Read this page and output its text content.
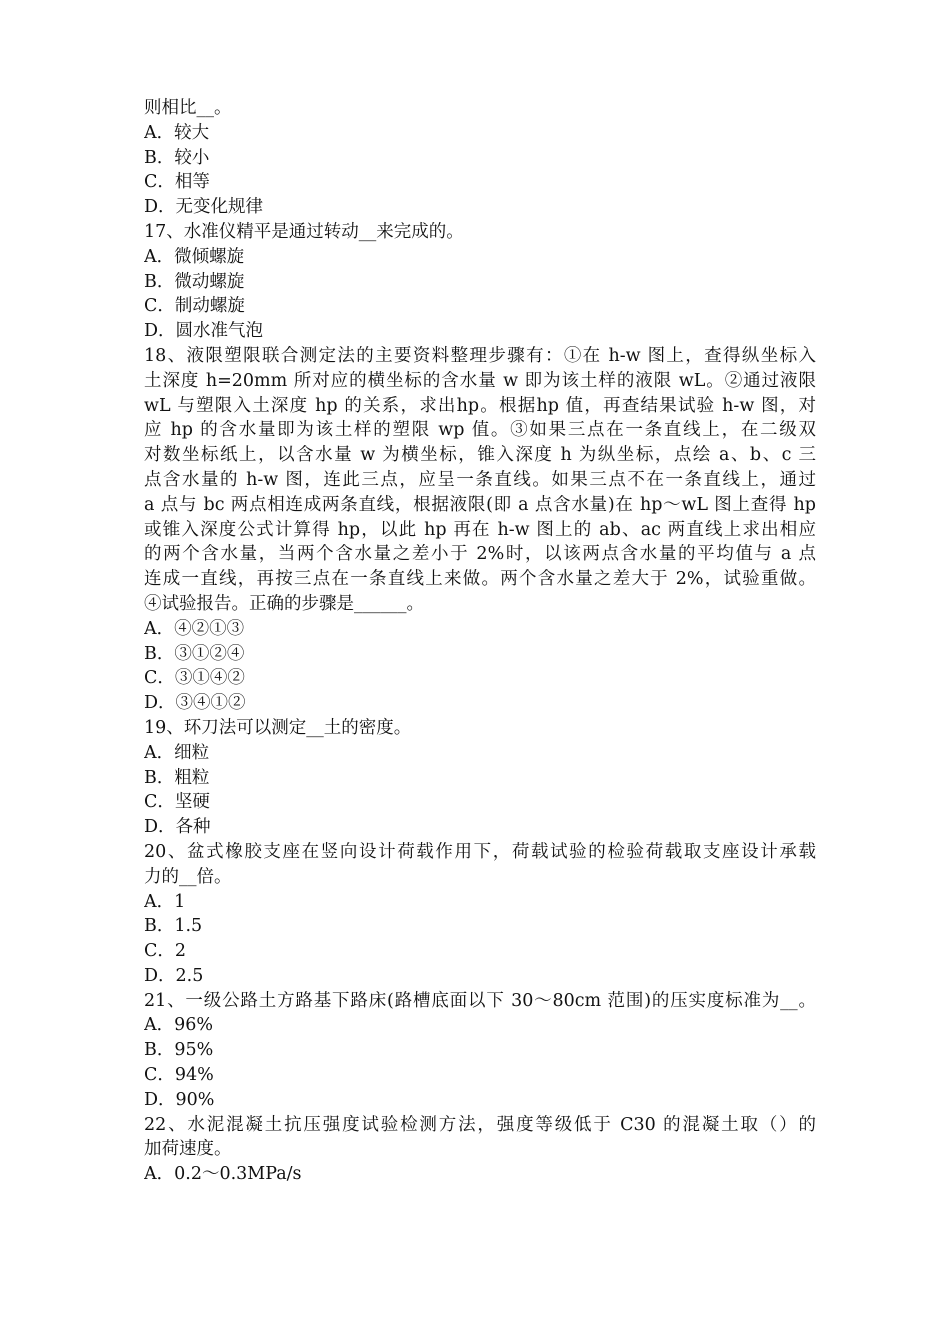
则相比__。
A．较大
B．较小
C．相等
D．无变化规律
17、水准仪精平是通过转动__来完成的。
A．微倾螺旋
B．微动螺旋
C．制动螺旋
D．圆水准气泡
18、液限塑限联合测定法的主要资料整理步骤有：①在 h-w 图上，查得纵坐标入
土深度 h=20mm 所对应的横坐标的含水量 w 即为该土样的液限 wL。②通过液限
wL 与塑限入土深度 hp 的关系，求出hp。根据hp 值，再查结果试验 h-w 图，对
应 hp 的含水量即为该土样的塑限 wp 值。③如果三点在一条直线上，在二级双
对数坐标纸上，以含水量 w 为横坐标，锥入深度 h 为纵坐标，点绘 a、b、c 三
点含水量的 h-w 图，连此三点，应呈一条直线。如果三点不在一条直线上，通过
a 点与 bc 两点相连成两条直线，根据液限(即 a 点含水量)在 hp～wL 图上查得 hp
或锥入深度公式计算得 hp，以此 hp 再在 h-w 图上的 ab、ac 两直线上求出相应
的两个含水量，当两个含水量之差小于 2%时，以该两点含水量的平均值与 a 点
连成一直线，再按三点在一条直线上来做。两个含水量之差大于 2%，试验重做。
④试验报告。正确的步骤是______。
A．④②①③
B．③①②④
C．③①④②
D．③④①②
19、环刀法可以测定__土的密度。
A．细粒
B．粗粒
C．坚硬
D．各种
20、盆式橡胶支座在竖向设计荷载作用下，荷载试验的检验荷载取支座设计承载
力的__倍。
A．1
B．1.5
C．2
D．2.5
21、一级公路土方路基下路床(路槽底面以下 30～80cm 范围)的压实度标准为__。
A．96%
B．95%
C．94%
D．90%
22、水泥混凝土抗压强度试验检测方法，强度等级低于 C30 的混凝土取（）的
加荷速度。
A．0.2～0.3MPa/s
